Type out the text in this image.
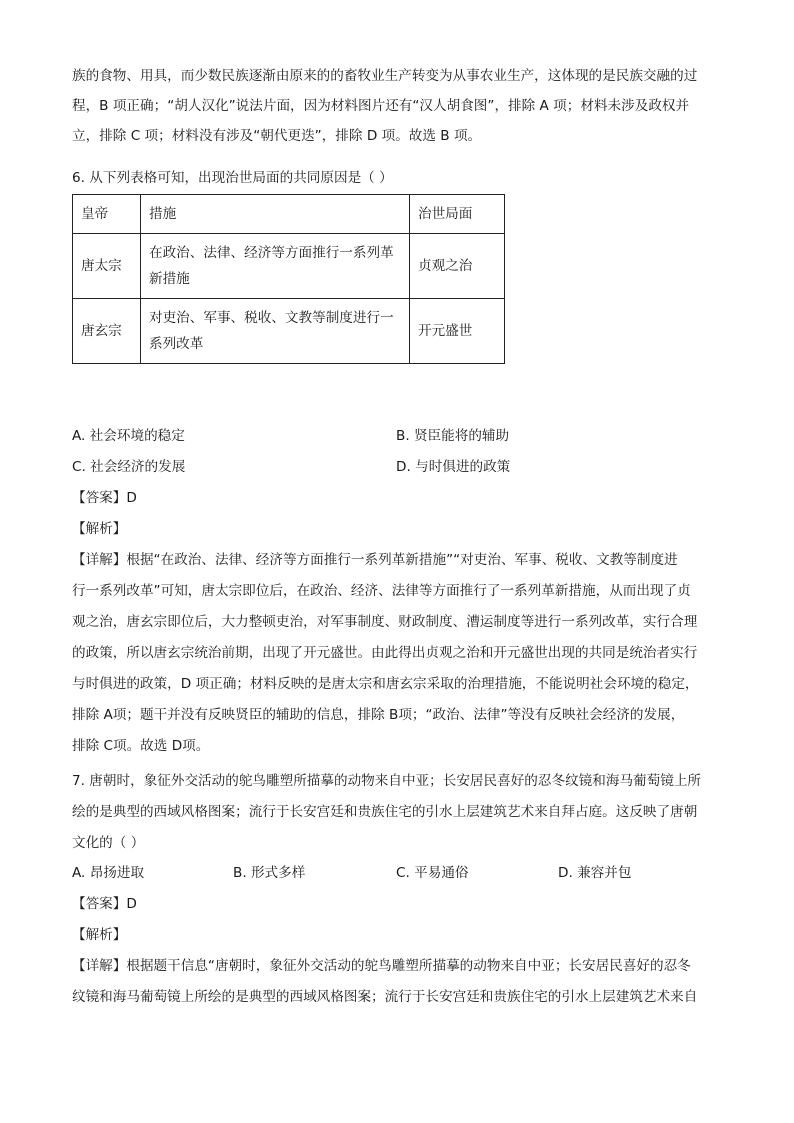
族的食物、用具，而少数民族逐渐由原来的的畜牧业生产转变为从事农业生产，这体现的是民族交融的过
程，B 项正确；“胡人汉化”说法片面，因为材料图片还有“汉人胡食图”，排除 A 项；材料未涉及政权并
立，排除 C 项；材料没有涉及“朝代更迭”，排除 D 项。故选 B 项。
6. 从下列表格可知，出现治世局面的共同原因是（ ）
皇帝	措施	治世局面
唐太宗	在政治、法律、经济等方面推行一系列革新措施	贞观之治
唐玄宗	对吏治、军事、税收、文教等制度进行一系列改革	开元盛世
A. 社会环境的稳定	B. 贤臣能将的辅助
C. 社会经济的发展	D. 与时俱进的政策
【答案】D
【解析】
【详解】根据“在政治、法律、经济等方面推行一系列革新措施”“对吏治、军事、税收、文教等制度进
行一系列改革”可知，唐太宗即位后，在政治、经济、法律等方面推行了一系列革新措施，从而出现了贞
观之治，唐玄宗即位后，大力整顿吏治，对军事制度、财政制度、漕运制度等进行一系列改革，实行合理
的政策，所以唐玄宗统治前期，出现了开元盛世。由此得出贞观之治和开元盛世出现的共同是统治者实行
与时俱进的政策，D 项正确；材料反映的是唐太宗和唐玄宗采取的治理措施，不能说明社会环境的稳定，
排除 A项；题干并没有反映贤臣的辅助的信息，排除 B项；“政治、法律”等没有反映社会经济的发展，
排除 C项。故选 D项。
7. 唐朝时，象征外交活动的鸵鸟雕塑所描摹的动物来自中亚；长安居民喜好的忍冬纹镜和海马葡萄镜上所
绘的是典型的西域风格图案；流行于长安宫廷和贵族住宅的引水上层建筑艺术来自拜占庭。这反映了唐朝
文化的（ ）
A. 昂扬进取	B. 形式多样	C. 平易通俗	D. 兼容并包
【答案】D
【解析】
【详解】根据题干信息“唐朝时，象征外交活动的鸵鸟雕塑所描摹的动物来自中亚；长安居民喜好的忍冬
纹镜和海马葡萄镜上所绘的是典型的西域风格图案；流行于长安宫廷和贵族住宅的引水上层建筑艺术来自
